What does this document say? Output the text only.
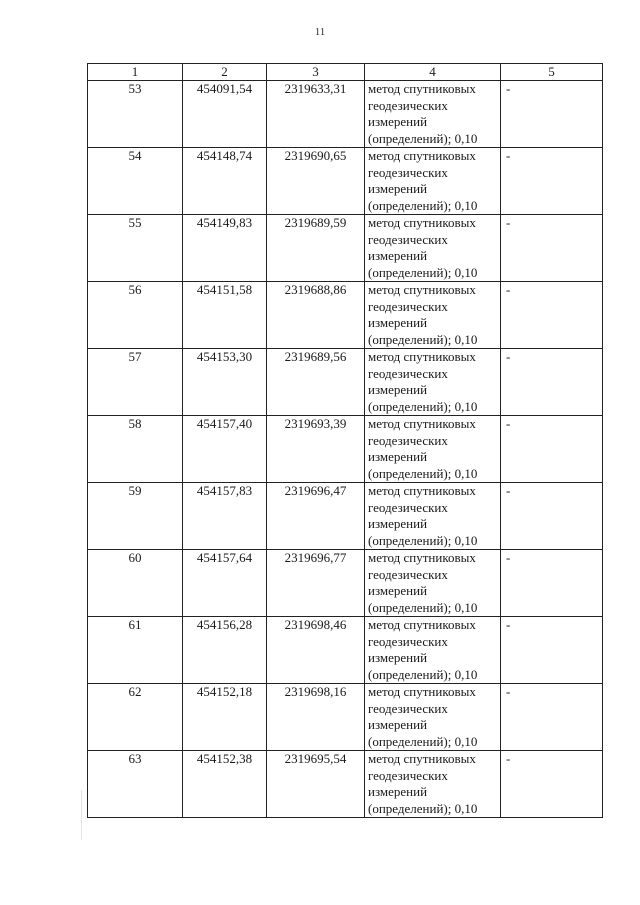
11
1	2	3	4	5
53	454091,54	2319633,31	метод спутниковых
геодезических
измерений
(определений); 0,10	-
54	454148,74	2319690,65	метод спутниковых
геодезических
измерений
(определений); 0,10	-
55	454149,83	2319689,59	метод спутниковых
геодезических
измерений
(определений); 0,10	-
56	454151,58	2319688,86	метод спутниковых
геодезических
измерений
(определений); 0,10	-
57	454153,30	2319689,56	метод спутниковых
геодезических
измерений
(определений); 0,10	-
58	454157,40	2319693,39	метод спутниковых
геодезических
измерений
(определений); 0,10	-
59	454157,83	2319696,47	метод спутниковых
геодезических
измерений
(определений); 0,10	-
60	454157,64	2319696,77	метод спутниковых
геодезических
измерений
(определений); 0,10	-
61	454156,28	2319698,46	метод спутниковых
геодезических
измерений
(определений); 0,10	-
62	454152,18	2319698,16	метод спутниковых
геодезических
измерений
(определений); 0,10	-
63	454152,38	2319695,54	метод спутниковых
геодезических
измерений
(определений); 0,10	-
